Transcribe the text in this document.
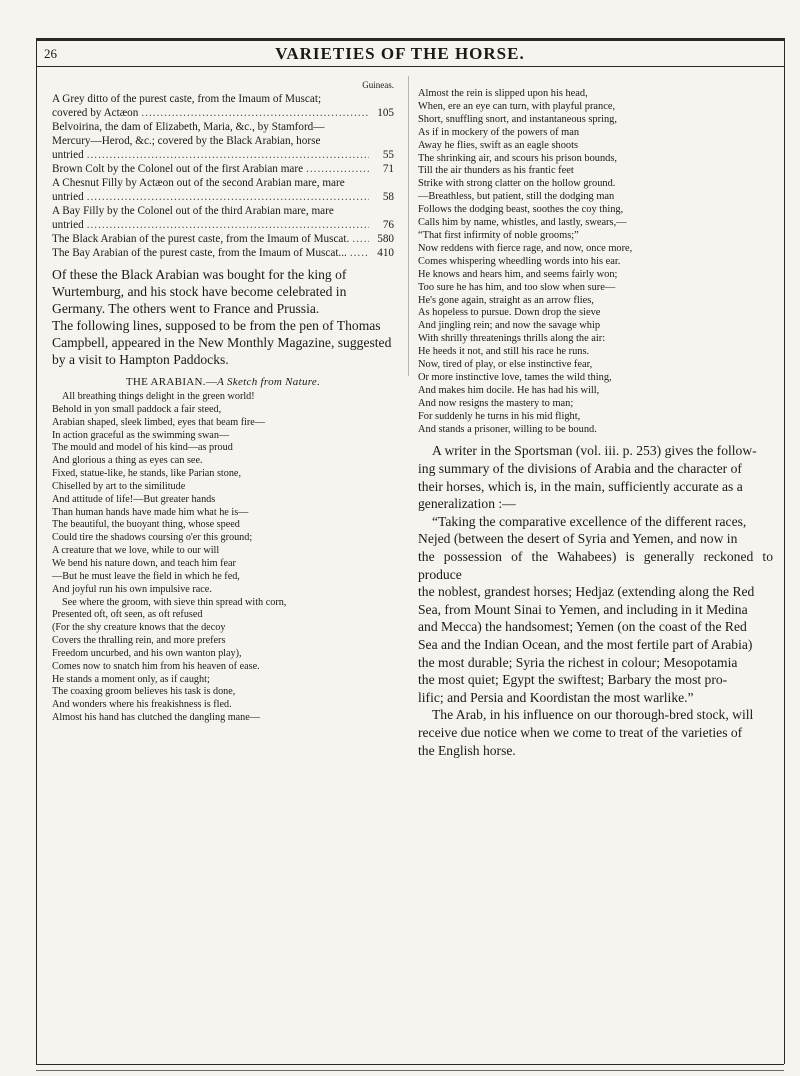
26	VARIETIES OF THE HORSE.
Guineas.
A Grey ditto of the purest caste, from the Imaum of Muscat;
covered by Actæon .....	105
Belvoirina, the dam of Elizabeth, Maria, &c., by Stamford—
Mercury—Herod, &c.; covered by the Black Arabian, horse
untried .....	55
Brown Colt by the Colonel out of the first Arabian mare .....	71
A Chesnut Filly by Actæon out of the second Arabian mare, mare
untried .....	58
A Bay Filly by the Colonel out of the third Arabian mare, mare
untried .....	76
The Black Arabian of the purest caste, from the Imaum of Muscat. .....	580
The Bay Arabian of the purest caste, from the Imaum of Muscat... .....	410
Of these the Black Arabian was bought for the king of
Wurtemburg, and his stock have become celebrated in
Germany. The others went to France and Prussia.
The following lines, supposed to be from the pen of Thomas
Campbell, appeared in the New Monthly Magazine, suggested
by a visit to Hampton Paddocks.
THE ARABIAN.—A Sketch from Nature.
All breathing things delight in the green world!
Behold in yon small paddock a fair steed,
Arabian shaped, sleek limbed, eyes that beam fire—
In action graceful as the swimming swan—
The mould and model of his kind—as proud
And glorious a thing as eyes can see.
Fixed, statue-like, he stands, like Parian stone,
Chiselled by art to the similitude
And attitude of life!—But greater hands
Than human hands have made him what he is—
The beautiful, the buoyant thing, whose speed
Could tire the shadows coursing o'er this ground;
A creature that we love, while to our will
We bend his nature down, and teach him fear
—But he must leave the field in which he fed,
And joyful run his own impulsive race.
See where the groom, with sieve thin spread with corn,
Presented oft, oft seen, as oft refused
(For the shy creature knows that the decoy
Covers the thralling rein, and more prefers
Freedom uncurbed, and his own wanton play),
Comes now to snatch him from his heaven of ease.
He stands a moment only, as if caught;
The coaxing groom believes his task is done,
And wonders where his freakishness is fled.
Almost his hand has clutched the dangling mane—
Almost the rein is slipped upon his head,
When, ere an eye can turn, with playful prance,
Short, snuffling snort, and instantaneous spring,
As if in mockery of the powers of man
Away he flies, swift as an eagle shoots
The shrinking air, and scours his prison bounds,
Till the air thunders as his frantic feet
Strike with strong clatter on the hollow ground.
—Breathless, but patient, still the dodging man
Follows the dodging beast, soothes the coy thing,
Calls him by name, whistles, and lastly, swears,—
“That first infirmity of noble grooms;”
Now reddens with fierce rage, and now, once more,
Comes whispering wheedling words into his ear.
He knows and hears him, and seems fairly won;
Too sure he has him, and too slow when sure—
He's gone again, straight as an arrow flies,
As hopeless to pursue. Down drop the sieve
And jingling rein; and now the savage whip
With shrilly threatenings thrills along the air:
He heeds it not, and still his race he runs.
Now, tired of play, or else instinctive fear,
Or more instinctive love, tames the wild thing,
And makes him docile. He has had his will,
And now resigns the mastery to man;
For suddenly he turns in his mid flight,
And stands a prisoner, willing to be bound.
A writer in the Sportsman (vol. iii. p. 253) gives the follow-
ing summary of the divisions of Arabia and the character of
their horses, which is, in the main, sufficiently accurate as a
generalization :—
“Taking the comparative excellence of the different races,
Nejed (between the desert of Syria and Yemen, and now in
the possession of the Wahabees) is generally reckoned to produce
the noblest, grandest horses; Hedjaz (extending along the Red
Sea, from Mount Sinai to Yemen, and including in it Medina
and Mecca) the handsomest; Yemen (on the coast of the Red
Sea and the Indian Ocean, and the most fertile part of Arabia)
the most durable; Syria the richest in colour; Mesopotamia
the most quiet; Egypt the swiftest; Barbary the most pro-
lific; and Persia and Koordistan the most warlike.”
The Arab, in his influence on our thorough-bred stock, will
receive due notice when we come to treat of the varieties of
the English horse.
